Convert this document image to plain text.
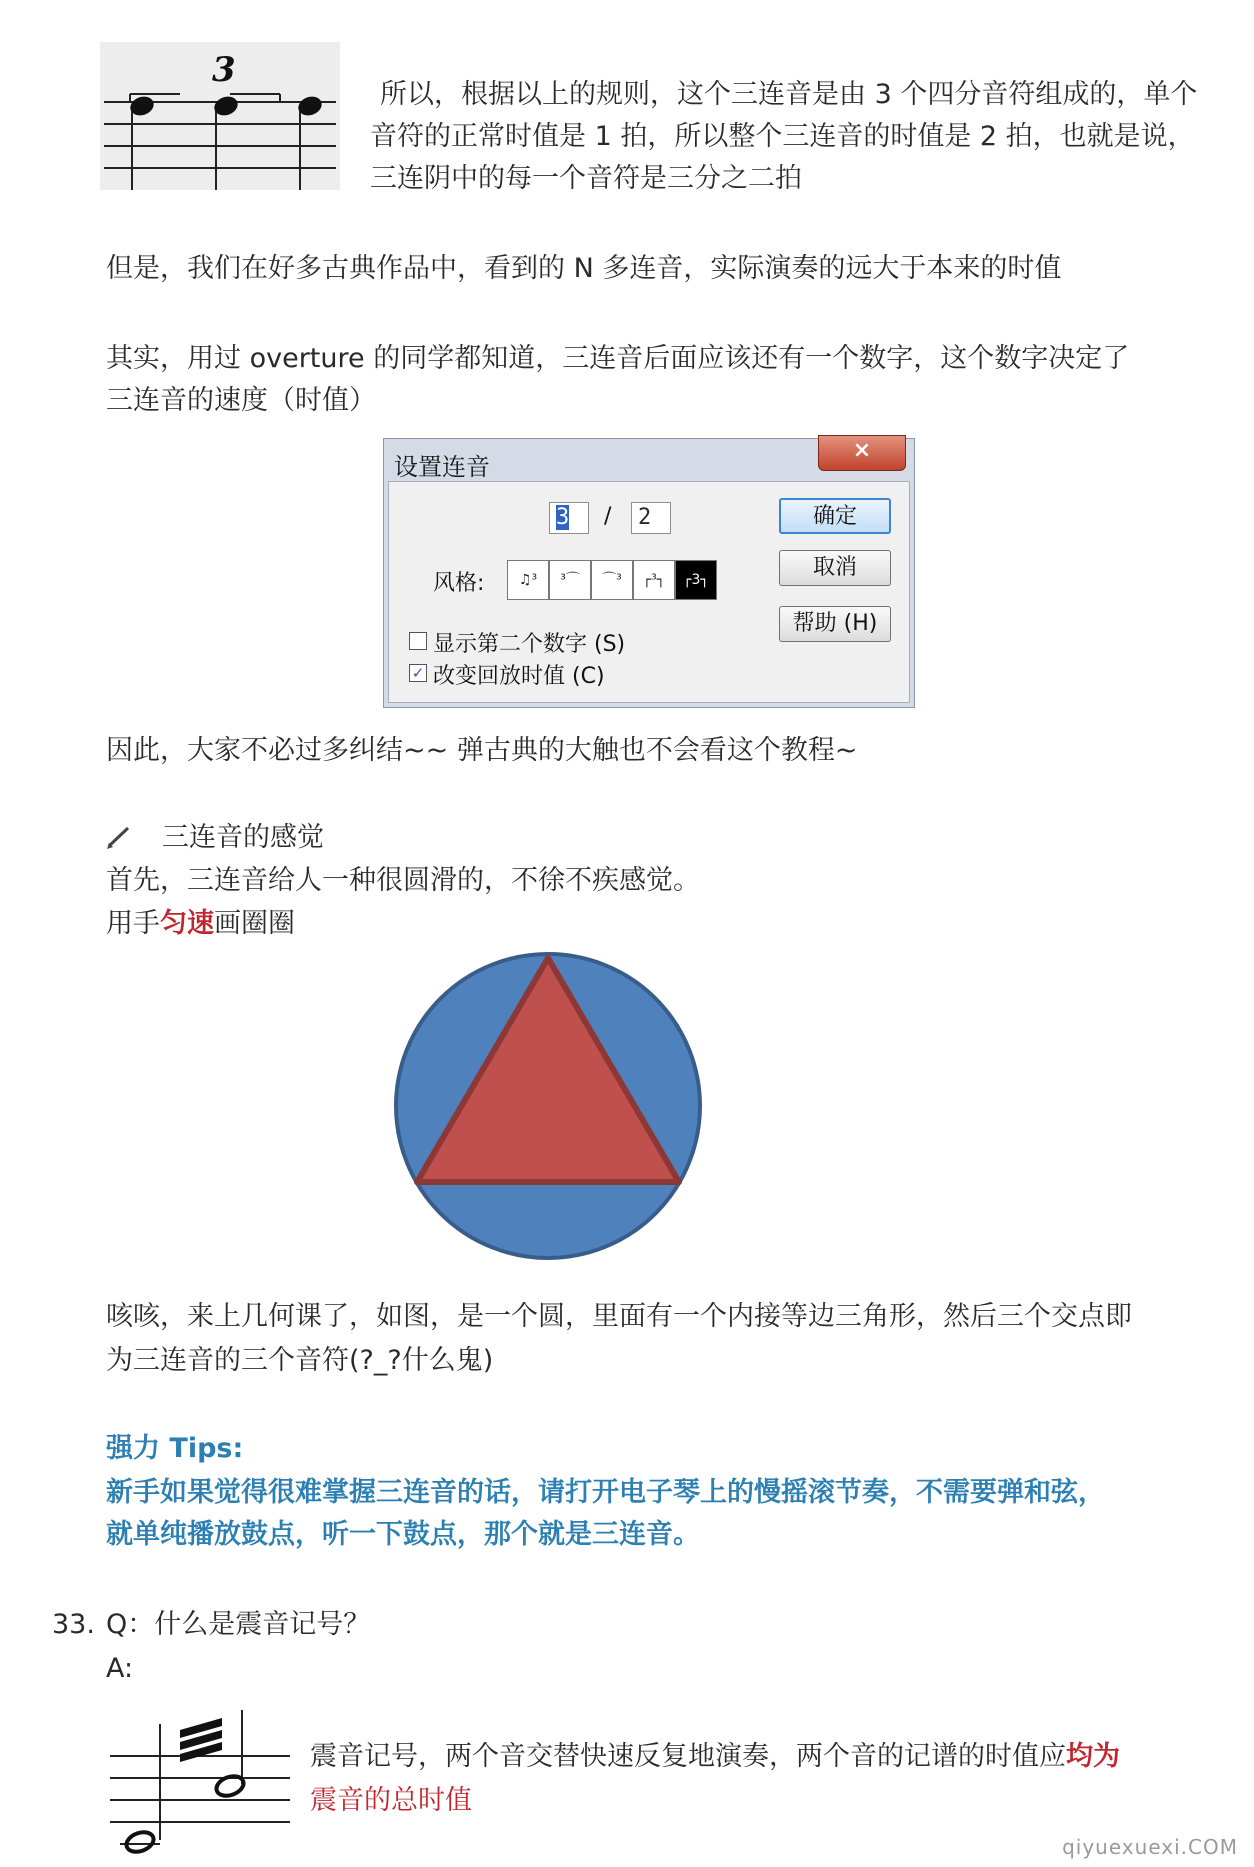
3
所以，根据以上的规则，这个三连音是由 3 个四分音符组成的，单个音符的正常时值是 1 拍，所以整个三连音的时值是 2 拍，也就是说，三连阴中的每一个音符是三分之二拍
但是，我们在好多古典作品中，看到的 N 多连音，实际演奏的远大于本来的时值
其实，用过 overture 的同学都知道，三连音后面应该还有一个数字，这个数字决定了
三连音的速度（时值）
设置连音
×
3	/	2
风格:	♫³	³⌒	⌒³	┌³┐	┌3┐
显示第二个数字 (S)
✓ 改变回放时值 (C)
确定
取消
帮助 (H)
因此，大家不必过多纠结~~ 弹古典的大触也不会看这个教程~
三连音的感觉
首先，三连音给人一种很圆滑的，不徐不疾感觉。
用手匀速画圈圈
咳咳，来上几何课了，如图，是一个圆，里面有一个内接等边三角形，然后三个交点即
为三连音的三个音符(?_?什么鬼)
强力 Tips:
新手如果觉得很难掌握三连音的话，请打开电子琴上的慢摇滚节奏，不需要弹和弦，
就单纯播放鼓点，听一下鼓点，那个就是三连音。
33. Q：什么是震音记号？
A:
震音记号，两个音交替快速反复地演奏，两个音的记谱的时值应均为
震音的总时值
qiyuexuexi.COM
